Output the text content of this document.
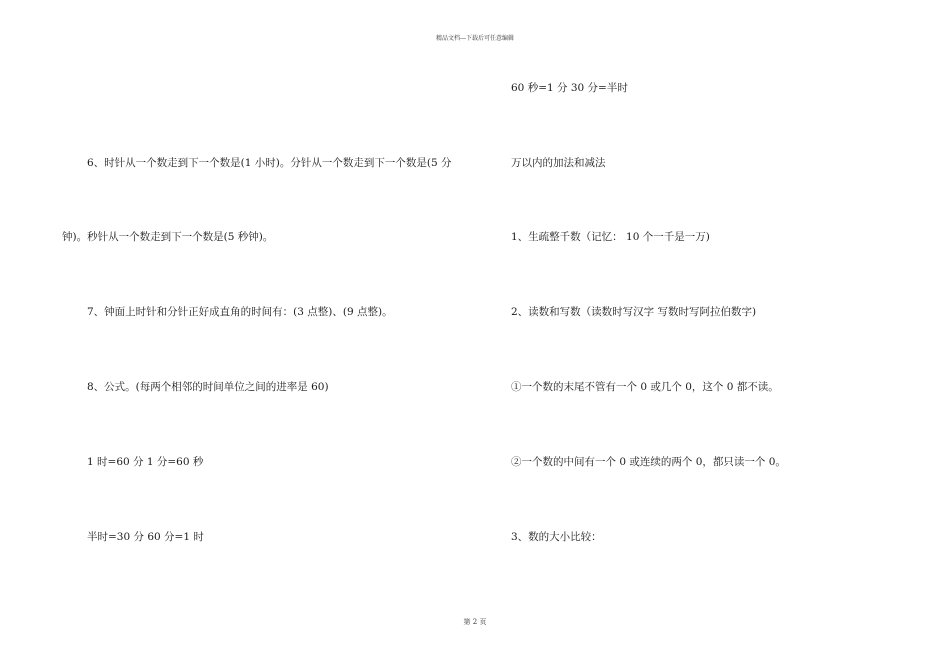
精品文档---下载后可任意编辑
6、时针从一个数走到下一个数是(1 小时)。分针从一个数走到下一个数是(5 分
钟)。秒针从一个数走到下一个数是(5 秒钟)。
7、钟面上时针和分针正好成直角的时间有：(3 点整)、(9 点整)。
8、公式。(每两个相邻的时间单位之间的进率是 60)
1 时=60 分 1 分=60 秒
半时=30 分 60 分=1 时
60 秒=1 分 30 分=半时
万以内的加法和减法
1、生疏整千数（记忆： 10 个一千是一万)
2、读数和写数（读数时写汉字 写数时写阿拉伯数字)
①一个数的末尾不管有一个 0 或几个 0，这个 0 都不读。
②一个数的中间有一个 0 或连续的两个 0，都只读一个 0。
3、数的大小比较：
第 2 页
